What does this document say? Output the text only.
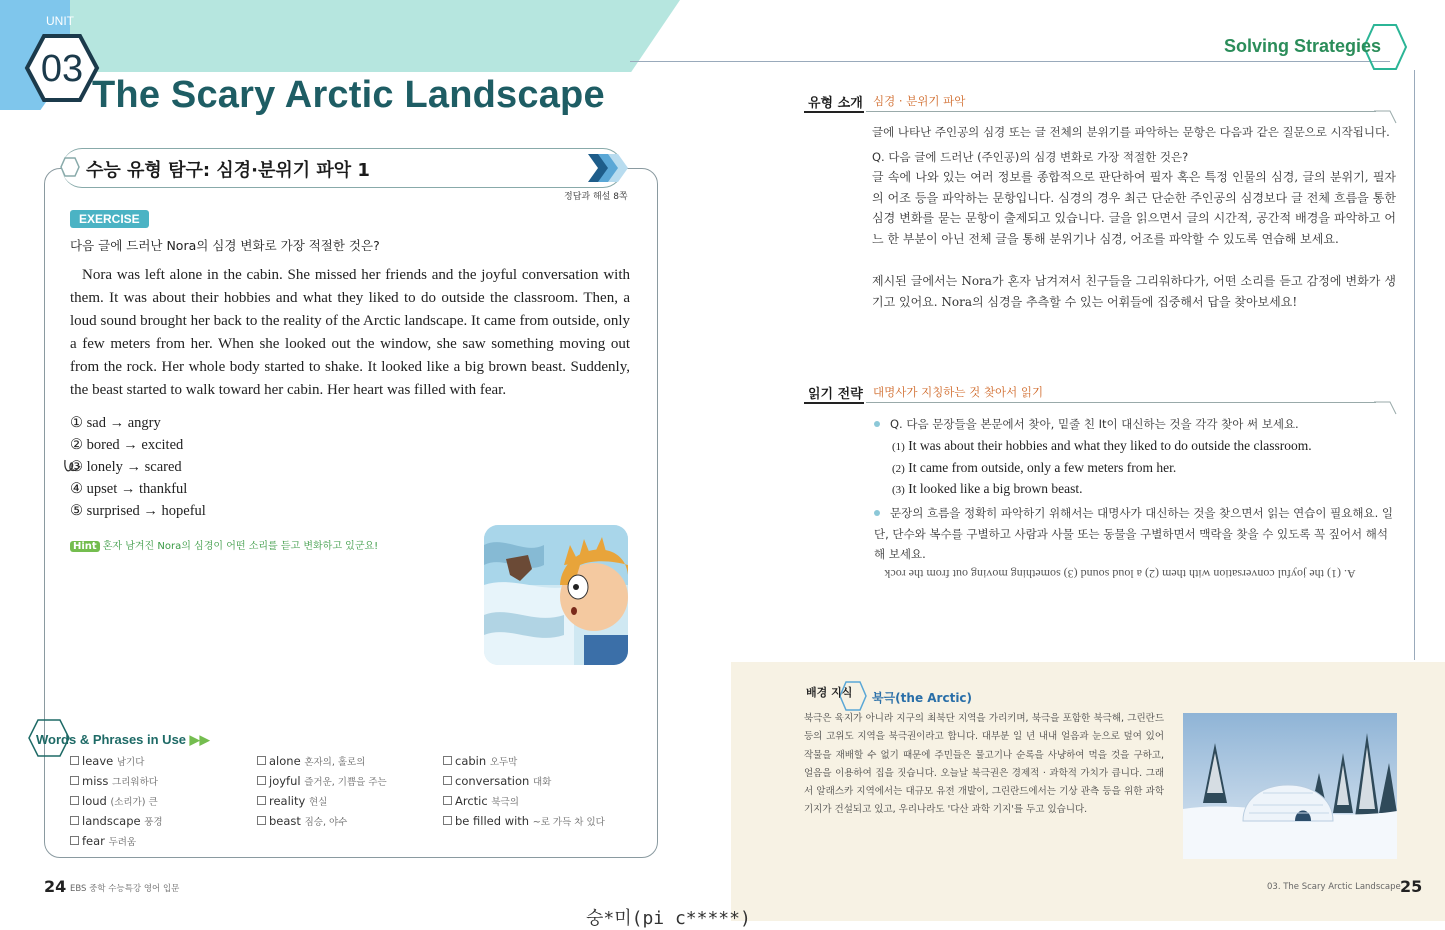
UNIT
03
The Scary Arctic Landscape
수능 유형 탐구: 심경·분위기 파악 1
정답과 해설 8쪽
EXERCISE
다음 글에 드러난 Nora의 심경 변화로 가장 적절한 것은?
Nora was left alone in the cabin. She missed her friends and the joyful conversation with them. It was about their hobbies and what they liked to do outside the classroom. Then, a loud sound brought her back to the reality of the Arctic landscape. It came from outside, only a few meters from her. When she looked out the window, she saw something moving out from the rock. Her whole body started to shake. It looked like a big brown beast. Suddenly, the beast started to walk toward her cabin. Her heart was filled with fear.
① sad → angry
② bored → excited
③ lonely → scared
④ upset → thankful
⑤ surprised → hopeful
Hint 혼자 남겨진 Nora의 심경이 어떤 소리를 듣고 변화하고 있군요!
Words & Phrases in Use ▶▶
leave 남기다
miss 그리워하다
loud (소리가) 큰
landscape 풍경
fear 두려움
alone 혼자의, 홀로의
joyful 즐거운, 기쁨을 주는
reality 현실
beast 짐승, 야수
cabin 오두막
conversation 대화
Arctic 북극의
be filled with ~로 가득 차 있다
24 EBS 중학 수능특강 영어 입문
Solving Strategies
유형 소개 심경 · 분위기 파악
글에 나타난 주인공의 심경 또는 글 전체의 분위기를 파악하는 문항은 다음과 같은 질문으로 시작됩니다.
Q. 다음 글에 드러난 (주인공)의 심경 변화로 가장 적절한 것은?
글 속에 나와 있는 여러 정보를 종합적으로 판단하여 필자 혹은 특정 인물의 심경, 글의 분위기, 필자의 어조 등을 파악하는 문항입니다. 심경의 경우 최근 단순한 주인공의 심경보다 글 전체 흐름을 통한 심경 변화를 묻는 문항이 출제되고 있습니다. 글을 읽으면서 글의 시간적, 공간적 배경을 파악하고 어느 한 부분이 아닌 전체 글을 통해 분위기나 심경, 어조를 파악할 수 있도록 연습해 보세요.
제시된 글에서는 Nora가 혼자 남겨져서 친구들을 그리워하다가, 어떤 소리를 듣고 감정에 변화가 생기고 있어요. Nora의 심경을 추측할 수 있는 어휘들에 집중해서 답을 찾아보세요!
읽기 전략 대명사가 지칭하는 것 찾아서 읽기
Q. 다음 문장들을 본문에서 찾아, 밑줄 친 It이 대신하는 것을 각각 찾아 써 보세요.
(1) It was about their hobbies and what they liked to do outside the classroom.
(2) It came from outside, only a few meters from her.
(3) It looked like a big brown beast.
문장의 흐름을 정확히 파악하기 위해서는 대명사가 대신하는 것을 찾으면서 읽는 연습이 필요해요. 일단, 단수와 복수를 구별하고 사람과 사물 또는 동물을 구별하면서 맥락을 찾을 수 있도록 꼭 짚어서 해석해 보세요.
A. (1) the joyful conversation with them (2) a loud sound (3) something moving out from the rock
배경 지식 북극(the Arctic)
북극은 육지가 아니라 지구의 최북단 지역을 가리키며, 북극을 포함한 북극해, 그린란드 등의 고위도 지역을 북극권이라고 합니다. 대부분 일 년 내내 얼음과 눈으로 덮여 있어 작물을 재배할 수 없기 때문에 주민들은 물고기나 순록을 사냥하여 먹을 것을 구하고, 얼음을 이용하여 집을 짓습니다. 오늘날 북극권은 경제적 · 과학적 가치가 큽니다. 그래서 알래스카 지역에서는 대규모 유전 개발이, 그린란드에서는 기상 관측 등을 위한 과학 기지가 건설되고 있고, 우리나라도 '다산 과학 기지'를 두고 있습니다.
03. The Scary Arctic Landscape 25
숭*미(pi c*****)
